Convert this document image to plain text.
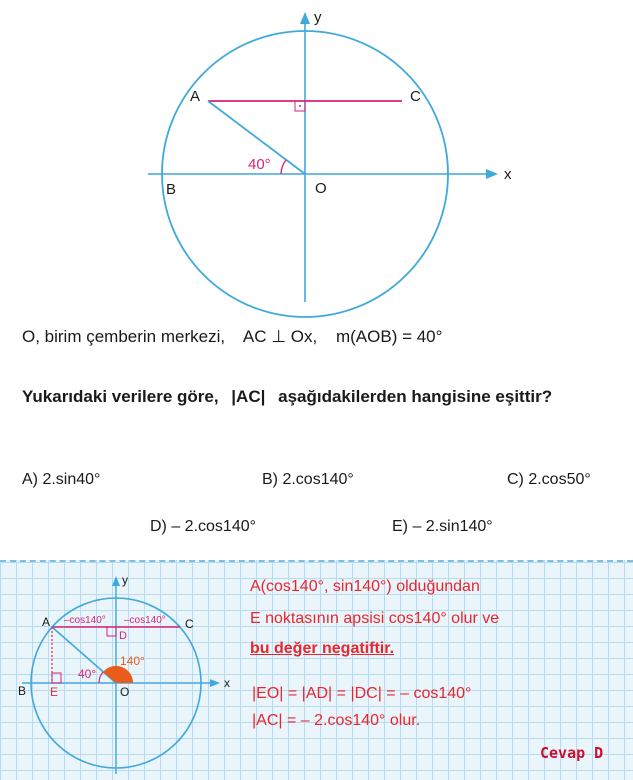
40°
A	C
B	O
x
y
O, birim çemberin merkezi, AC ⊥ Ox, m(AOB) = 40°
Yukarıdaki verilere göre, |AC| aşağıdakilerden hangisine eşittir?
A) 2.sin40°	B) 2.cos140°	C) 2.cos50°
D) – 2.cos140°	E) – 2.sin140°
–cos140° –cos140°
40°
140°
A	C
B	O
D
E
x
y	A(cos140°, sin140°) olduğundan
E noktasının apsisi cos140° olur ve
bu değer negatiftir.
|EO| = |AD| = |DC| = – cos140°
|AC| = – 2.cos140° olur.
Cevap D
